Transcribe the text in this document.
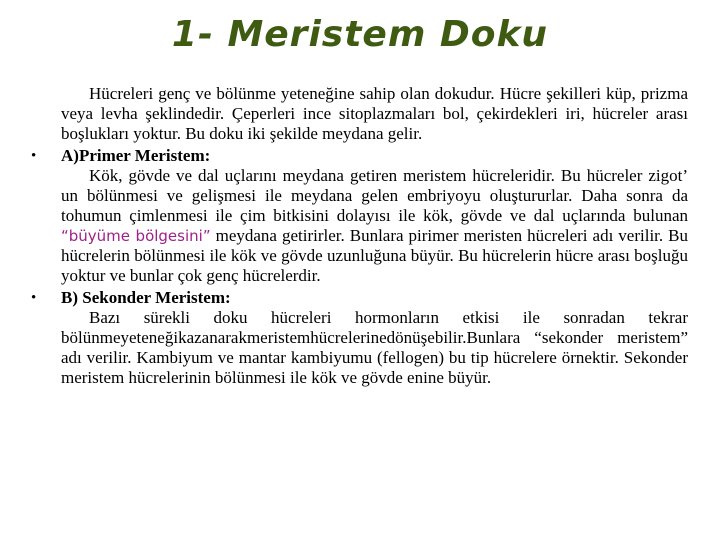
1- Meristem Doku

Hücreleri genç ve bölünme yeteneğine sahip olan dokudur. Hücre şekilleri küp, prizma veya levha şeklindedir. Çeperleri ince sitoplazmaları bol, çekirdekleri iri, hücreler arası boşlukları yoktur. Bu doku iki şekilde meydana gelir.

• A)Primer Meristem:

Kök, gövde ve dal uçlarını meydana getiren meristem hücreleridir. Bu hücreler zigot’ un bölünmesi ve gelişmesi ile meydana gelen embriyoyu oluştururlar. Daha sonra da tohumun çimlenmesi ile çim bitkisini dolayısı ile kök, gövde ve dal uçlarında bulunan “büyüme bölgesini” meydana getirirler. Bunlara pirimer meristen hücreleri adı verilir. Bu hücrelerin bölünmesi ile kök ve gövde uzunluğuna büyür. Bu hücrelerin hücre arası boşluğu yoktur ve bunlar çok genç hücrelerdir.

• B) Sekonder Meristem:

Bazı sürekli doku hücreleri hormonların etkisi ile sonradan tekrar bölünmeyeteneğikazanarakmeristemhücrelerinedönüşebilir.Bunlara “sekonder meristem” adı verilir. Kambiyum ve mantar kambiyumu (fellogen) bu tip hücrelere örnektir. Sekonder meristem hücrelerinin bölünmesi ile kök ve gövde enine büyür.
